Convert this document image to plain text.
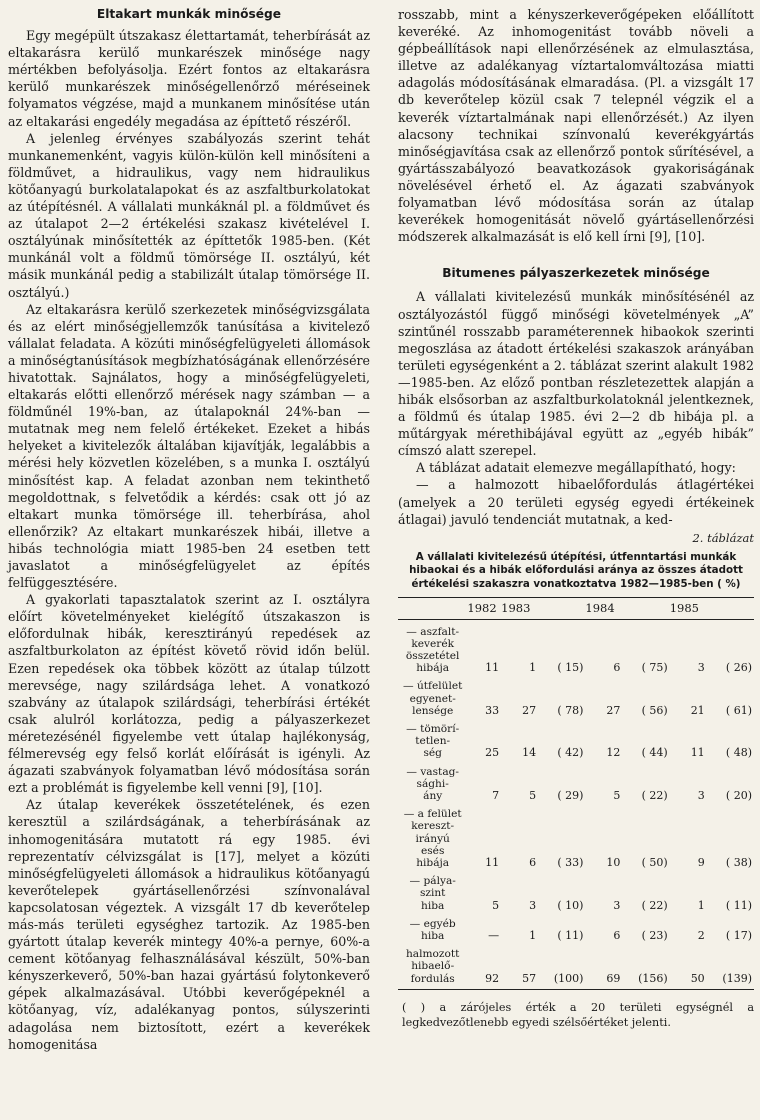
Eltakart munkák minősége

Egy megépült útszakasz élettartamát, teherbírását az eltakarásra kerülő munkarészek minősége nagy mértékben befolyásolja. Ezért fontos az eltakarásra kerülő munkarészek minőségellenőrző méréseinek folyamatos végzése, majd a munkanem minősítése után az eltakarási engedély megadása az építtető részéről.

A jelenleg érvényes szabályozás szerint tehát munkanemenként, vagyis külön-külön kell minősíteni a földművet, a hidraulikus, vagy nem hidraulikus kötőanyagú burkolatalapokat és az aszfaltburkolatokat az útépítésnél. A vállalati munkáknál pl. a földművet és az útalapot 2—2 értékelési szakasz kivételével I. osztályúnak minősítették az építtetők 1985-ben. (Két munkánál volt a földmű tömörsége II. osztályú, két másik munkánál pedig a stabilizált útalap tömörsége II. osztályú.)

Az eltakarásra kerülő szerkezetek minőségvizsgálata és az elért minőségjellemzők tanúsítása a kivitelező vállalat feladata. A közúti minőségfelügyeleti állomások a minőségtanúsítások megbízhatóságának ellenőrzésére hivatottak. Sajnálatos, hogy a minőségfelügyeleti, eltakarás előtti ellenőrző mérések nagy számban — a földműnél 19%-ban, az útalapoknál 24%-ban — mutatnak meg nem felelő értékeket. Ezeket a hibás helyeket a kivitelezők általában kijavítják, legalábbis a mérési hely közvetlen közelében, s a munka I. osztályú minősítést kap. A feladat azonban nem tekinthető megoldottnak, s felvetődik a kérdés: csak ott jó az eltakart munka tömörsége ill. teherbírása, ahol ellenőrzik? Az eltakart munkarészek hibái, illetve a hibás technológia miatt 1985-ben 24 esetben tett javaslatot a minőségfelügyelet az építés felfüggesztésére.

A gyakorlati tapasztalatok szerint az I. osztályra előírt követelményeket kielégítő útszakaszon is előfordulnak hibák, keresztirányú repedések az aszfaltburkolaton az építést követő rövid időn belül. Ezen repedések oka többek között az útalap túlzott merevsége, nagy szilárdsága lehet. A vonatkozó szabvány az útalapok szilárdsági, teherbírási értékét csak alulról korlátozza, pedig a pályaszerkezet méretezésénél figyelembe vett útalap hajlékonyság, félmerevség egy felső korlát előírását is igényli. Az ágazati szabványok folyamatban lévő módosítása során ezt a problémát is figyelembe kell venni [9], [10].

Az útalap keverékek összetételének, és ezen keresztül a szilárdságának, a teherbírásának az inhomogenitására mutatott rá egy 1985. évi reprezentatív célvizsgálat is [17], melyet a közúti minőségfelügyeleti állomások a hidraulikus kötőanyagú keverőtelepek gyártásellenőrzési színvonalával kapcsolatosan végeztek. A vizsgált 17 db keverőtelep más-más területi egységhez tartozik. Az 1985-ben gyártott útalap keverék mintegy 40%-a pernye, 60%-a cement kötőanyag felhasználásával készült, 50%-ban kényszerkeverő, 50%-ban hazai gyártású folytonkeverő gépek alkalmazásával. Utóbbi keverőgépeknél a kötőanyag, víz, adalékanyag pontos, súlyszerinti adagolása nem biztosított, ezért a keverékek homogenitása

rosszabb, mint a kényszerkeverőgépeken előállított keveréké. Az inhomogenitást tovább növeli a gépbeállítások napi ellenőrzésének az elmulasztása, illetve az adalékanyag víztartalomváltozása miatti adagolás módosításának elmaradása. (Pl. a vizsgált 17 db keverőtelep közül csak 7 telepnél végzik el a keverék víztartalmának napi ellenőrzését.) Az ilyen alacsony technikai színvonalú keverékgyártás minőségjavítása csak az ellenőrző pontok sűrítésével, a gyártásszabályozó beavatkozások gyakoriságának növelésével érhető el. Az ágazati szabványok folyamatban lévő módosítása során az útalap keverékek homogenitását növelő gyártásellenőrzési módszerek alkalmazását is elő kell írni [9], [10].

Bitumenes pályaszerkezetek minősége

A vállalati kivitelezésű munkák minősítésénél az osztályozástól függő minőségi követelmények „A” szintűnél rosszabb paraméterennek hibaokok szerinti megoszlása az átadott értékelési szakaszok arányában területi egységenként a 2. táblázat szerint alakult 1982—1985-ben. Az előző pontban részletezettek alapján a hibák elsősorban az aszfaltburkolatoknál jelentkeznek, a földmű és útalap 1985. évi 2—2 db hibája pl. a műtárgyak mérethibájával együtt az „egyéb hibák” címszó alatt szerepel.

A táblázat adatait elemezve megállapítható, hogy:

— a halmozott hibaelőfordulás átlagértékei (amelyek a 20 területi egység egyedi értékeinek átlagai) javuló tendenciát mutatnak, a ked-

2. táblázat
A vállalati kivitelezésű útépítési, útfenntartási munkák hibaokai és a hibák előfordulási aránya az összes átadott értékelési szakaszra vonatkoztatva 1982—1985-ben ( %)
	1982	1983		1984		1985	
— aszfalt-
keverék
összetétel
hibája	11	1	( 15)	6	( 75)	3	( 26)
— útfelület
egyenet-
lensége	33	27	( 78)	27	( 56)	21	( 61)
— tömörí-
tetlen-
ség	25	14	( 42)	12	( 44)	11	( 48)
— vastag-
sághi-
ány	7	5	( 29)	5	( 22)	3	( 20)
— a felület
kereszt-
irányú
esés
hibája	11	6	( 33)	10	( 50)	9	( 38)
— pálya-
szint
hiba	5	3	( 10)	3	( 22)	1	( 11)
— egyéb
hiba	—	1	( 11)	6	( 23)	2	( 17)
halmozott
hibaelő-
fordulás	92	57	(100)	69	(156)	50	(139)
( ) a zárójeles érték a 20 területi egységnél a legkedvezőtlenebb egyedi szélsőértéket jelenti.
